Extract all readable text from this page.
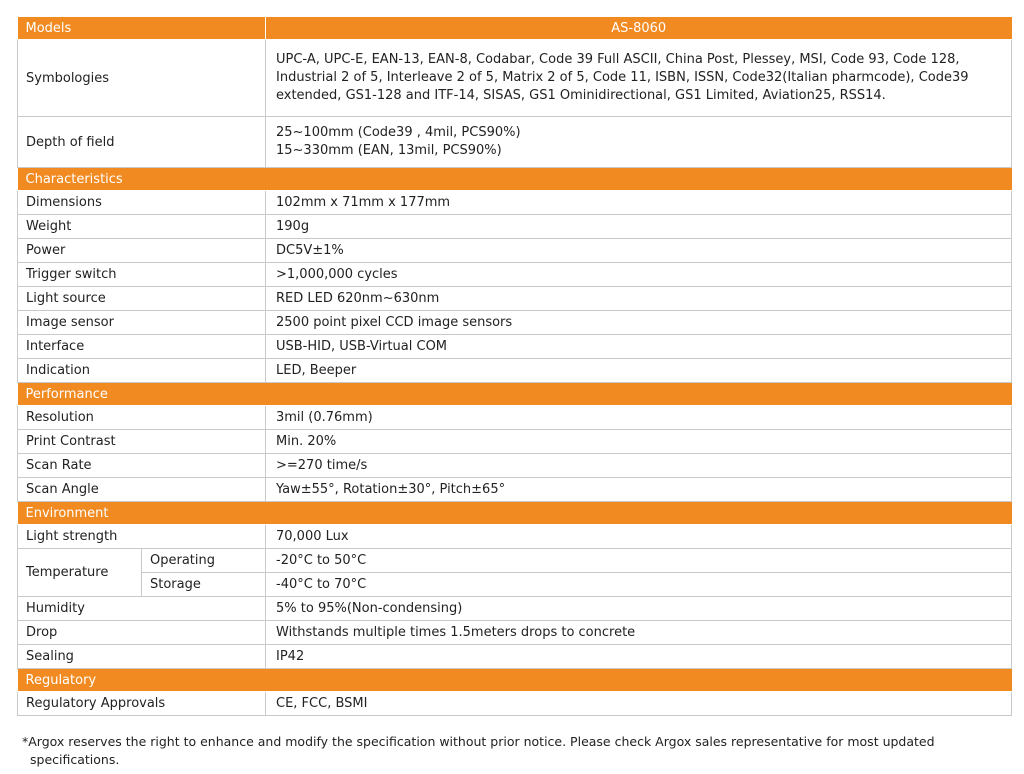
Models		AS-8060
Symbologies		UPC-A, UPC-E, EAN-13, EAN-8, Codabar, Code 39 Full ASCII, China Post, Plessey, MSI, Code 93, Code 128,
Industrial 2 of 5, Interleave 2 of 5, Matrix 2 of 5, Code 11, ISBN, ISSN, Code32(Italian pharmcode), Code39
extended, GS1-128 and ITF-14, SISAS, GS1 Ominidirectional, GS1 Limited, Aviation25, RSS14.
Depth of field		25~100mm (Code39 , 4mil, PCS90%)
15~330mm (EAN, 13mil, PCS90%)
Characteristics		
Dimensions		102mm x 71mm x 177mm
Weight		190g
Power		DC5V±1%
Trigger switch		>1,000,000 cycles
Light source		RED LED 620nm~630nm
Image sensor		2500 point pixel CCD image sensors
Interface		USB-HID, USB-Virtual COM
Indication		LED, Beeper
Performance		
Resolution		3mil (0.76mm)
Print Contrast		Min. 20%
Scan Rate		>=270 time/s
Scan Angle		Yaw±55°, Rotation±30°, Pitch±65°
Environment		
Light strength		70,000 Lux
Temperature	Operating	-20°C to 50°C
	Storage	-40°C to 70°C
Humidity		5% to 95%(Non-condensing)
Drop		Withstands multiple times 1.5meters drops to concrete
Sealing		IP42
Regulatory		
Regulatory Approvals		CE, FCC, BSMI
*Argox reserves the right to enhance and modify the specification without prior notice. Please check Argox sales representative for most updated
specifications.
